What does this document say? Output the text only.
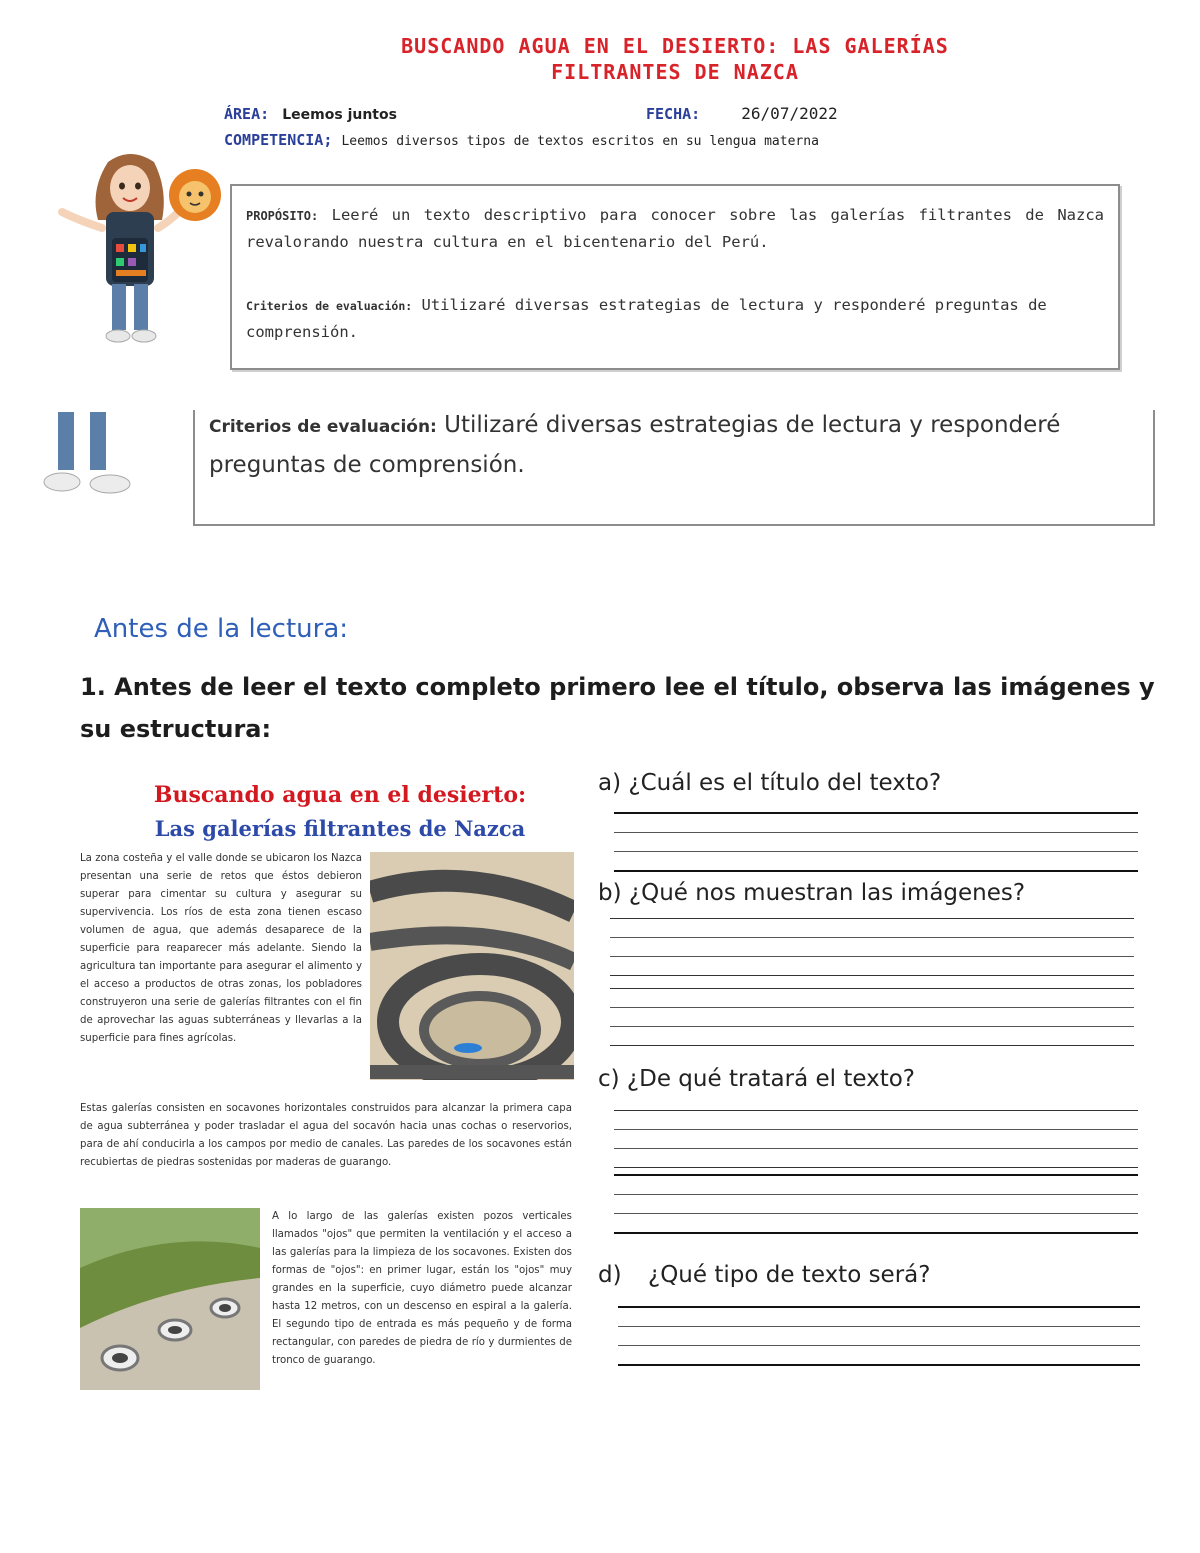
BUSCANDO AGUA EN EL DESIERTO: LAS GALERÍAS
FILTRANTES DE NAZCA
ÁREA: Leemos juntos	FECHA:	26/07/2022
COMPETENCIA; Leemos diversos tipos de textos escritos en su lengua materna
PROPÓSITO: Leeré un texto descriptivo para conocer sobre las galerías filtrantes de Nazca revalorando nuestra cultura en el bicentenario del Perú.
Criterios de evaluación: Utilizaré diversas estrategias de lectura y responderé preguntas de comprensión.
Criterios de evaluación: Utilizaré diversas estrategias de lectura y responderé
preguntas de comprensión.
Antes de la lectura:
1. Antes de leer el texto completo primero lee el título, observa las imágenes y
su estructura:
Buscando agua en el desierto:
Las galerías filtrantes de Nazca
La zona costeña y el valle donde se ubicaron los Nazca presentan una serie de retos que éstos debieron superar para cimentar su cultura y asegurar su supervivencia. Los ríos de esta zona tienen escaso volumen de agua, que además desaparece de la superficie para reaparecer más adelante. Siendo la agricultura tan importante para asegurar el alimento y el acceso a productos de otras zonas, los pobladores construyeron una serie de galerías filtrantes con el fin de aprovechar las aguas subterráneas y llevarlas a la superficie para fines agrícolas.
Estas galerías consisten en socavones horizontales construidos para alcanzar la primera capa de agua subterránea y poder trasladar el agua del socavón hacia unas cochas o reservorios, para de ahí conducirla a los campos por medio de canales. Las paredes de los socavones están recubiertas de piedras sostenidas por maderas de guarango.
A lo largo de las galerías existen pozos verticales llamados "ojos" que permiten la ventilación y el acceso a las galerías para la limpieza de los socavones. Existen dos formas de "ojos": en primer lugar, están los "ojos" muy grandes en la superficie, cuyo diámetro puede alcanzar hasta 12 metros, con un descenso en espiral a la galería. El segundo tipo de entrada es más pequeño y de forma rectangular, con paredes de piedra de río y durmientes de tronco de guarango.
a) ¿Cuál es el título del texto?
b) ¿Qué nos muestran las imágenes?
c) ¿De qué tratará el texto?
d) ¿Qué tipo de texto será?
